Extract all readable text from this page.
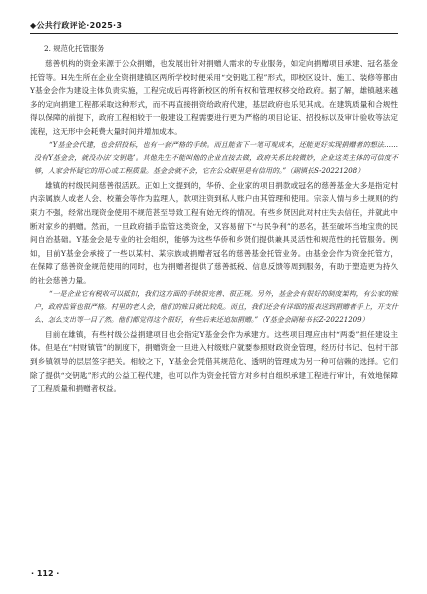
◆公共行政评论·2025·3
2. 规范化托管服务

慈善机构的资金来源于公众捐赠，也发展出针对捐赠人需求的专业服务，如定向捐赠项目承建、冠名基金托管等。H先生所在企业全资捐建镇区两所学校时便采用“交钥匙工程”形式，即校区设计、施工、装修等都由Y基金会作为建设主体负责实施，工程完成后再将新校区的所有权和管理权移交给政府。据了解，雄镇越来越多的定向捐建工程都采取这种形式，而不再直接捐资给政府代建，基层政府也乐见其成。在建筑质量和合规性得以保障的前提下，政府工程相较于一般建设工程需要进行更为严格的项目论证、招投标以及审计验收等法定流程，这无形中会耗费大量时间并增加成本。

“Y基金会代建，也会招投标，也有一套严格的手续。而且能省下一笔可观成本，还能更好实现捐赠者的想法……没有Y基金会，就没办法‘交钥匙’。其他先生不能叫他的企业直接去做，政府关系比较微妙，企业这类主体的可信度不够，人家会怀疑它的用心或工程质量。基金会就不会，它在公众眼里是有信用的。”（副镇长S-20221208）

雄镇的村级民间慈善很活跃。正如上文提到的，华侨、企业家的项目捐款或冠名的慈善基金大多是指定村内亲属族人或老人会、校董会等作为监理人，款项注资到私人账户由其管理和使用。宗亲人情与乡土规则的约束力不强，经常出现资金使用不规范甚至导致工程有始无终的情况。有些乡贤因此对村庄失去信任，并就此中断对家乡的捐赠。然而，一旦政府插手监管这类资金，又容易留下“与民争利”的恶名，甚至破坏当地宝贵的民间自治基础。Y基金会是专业的社会组织，能够为这些华侨和乡贤们提供兼具灵活性和规范性的托管服务。例如，目前Y基金会承接了一些以某村、某宗族或捐赠者冠名的慈善基金托管业务。由基金会作为资金托管方，在保障了慈善资金规范使用的同时，也为捐赠者提供了慈善抵税、信息反馈等周到服务，有助于塑造更为持久的社会慈善力量。

“一是企业它有税收可以抵扣，我们这方面的手续很完善、很正规。另外，基金会有很好的制度架构，有公家的账户，政府监管也很严格。村里的老人会，他们的账目就比较乱。而且，我们还会有详细的报表送到捐赠者手上，开支什么、怎么支出等一目了然。他们都觉得这个很好，有些后来还追加捐赠。”（Y基金会副秘书长Z-20221209）

目前在雄镇，有些村级公益捐建项目也会指定Y基金会作为承建方。这些项目理应由村“两委”担任建设主体。但是在“村财镇管”的制度下，捐赠资金一旦进入村级账户就要参照财政资金管理，经历付书记、包村干部到乡镇领导的层层签字把关。相较之下，Y基金会凭借其规范化、透明的管理成为另一种可信赖的选择。它们除了提供“交钥匙”形式的公益工程代建，也可以作为资金托管方对乡村自组织承建工程进行审计，有效地保障了工程质量和捐赠者权益。

· 112 ·
